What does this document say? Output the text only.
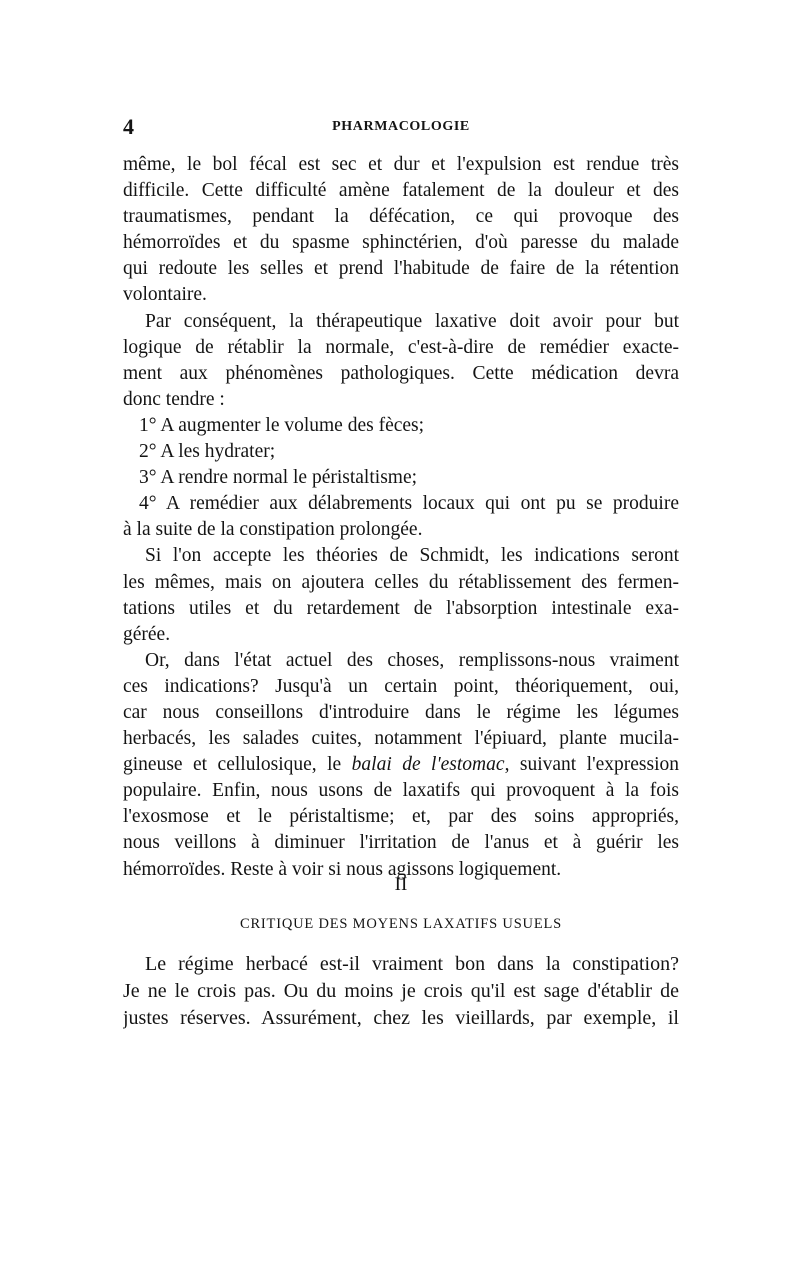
4	PHARMACOLOGIE
même, le bol fécal est sec et dur et l'expulsion est rendue très
difficile. Cette difficulté amène fatalement de la douleur et des
traumatismes, pendant la défécation, ce qui provoque des
hémorroïdes et du spasme sphinctérien, d'où paresse du malade
qui redoute les selles et prend l'habitude de faire de la rétention
volontaire.
Par conséquent, la thérapeutique laxative doit avoir pour but
logique de rétablir la normale, c'est-à-dire de remédier exacte-
ment aux phénomènes pathologiques. Cette médication devra
donc tendre :
1° A augmenter le volume des fèces;
2° A les hydrater;
3° A rendre normal le péristaltisme;
4° A remédier aux délabrements locaux qui ont pu se produire
à la suite de la constipation prolongée.
Si l'on accepte les théories de Schmidt, les indications seront
les mêmes, mais on ajoutera celles du rétablissement des fermen-
tations utiles et du retardement de l'absorption intestinale exa-
gérée.
Or, dans l'état actuel des choses, remplissons-nous vraiment
ces indications? Jusqu'à un certain point, théoriquement, oui,
car nous conseillons d'introduire dans le régime les légumes
herbacés, les salades cuites, notamment l'épiuard, plante mucila-
gineuse et cellulosique, le balai de l'estomac, suivant l'expression
populaire. Enfin, nous usons de laxatifs qui provoquent à la fois
l'exosmose et le péristaltisme; et, par des soins appropriés,
nous veillons à diminuer l'irritation de l'anus et à guérir les
hémorroïdes. Reste à voir si nous agissons logiquement.
II
CRITIQUE DES MOYENS LAXATIFS USUELS
Le régime herbacé est-il vraiment bon dans la constipation?
Je ne le crois pas. Ou du moins je crois qu'il est sage d'établir de
justes réserves. Assurément, chez les vieillards, par exemple, il
